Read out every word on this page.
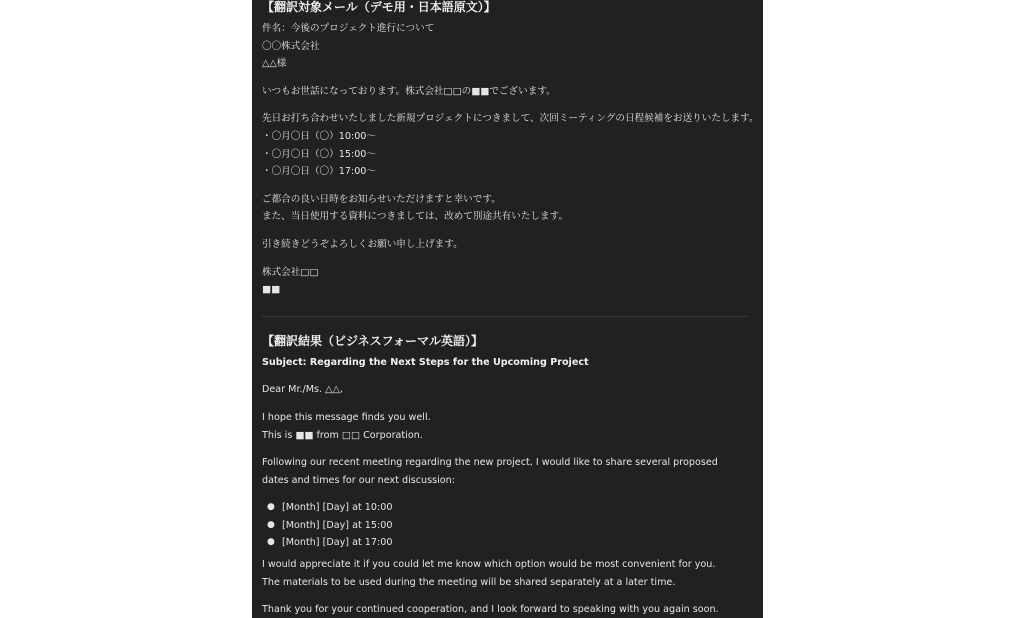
【翻訳対象メール（デモ用・日本語原文）】
件名：今後のプロジェクト進行について
〇〇株式会社
△△様
いつもお世話になっております。株式会社□□の■■でございます。
先日お打ち合わせいたしました新規プロジェクトにつきまして、次回ミーティングの日程候補をお送りいたします。
・〇月〇日（〇）10:00〜
・〇月〇日（〇）15:00〜
・〇月〇日（〇）17:00〜
ご都合の良い日時をお知らせいただけますと幸いです。
また、当日使用する資料につきましては、改めて別途共有いたします。
引き続きどうぞよろしくお願い申し上げます。
株式会社□□
■■
【翻訳結果（ビジネスフォーマル英語）】
Subject: Regarding the Next Steps for the Upcoming Project
Dear Mr./Ms. △△,
I hope this message finds you well.
This is ■■ from □□ Corporation.
Following our recent meeting regarding the new project, I would like to share several proposed dates and times for our next discussion:
● [Month] [Day] at 10:00
● [Month] [Day] at 15:00
● [Month] [Day] at 17:00
I would appreciate it if you could let me know which option would be most convenient for you.
The materials to be used during the meeting will be shared separately at a later time.
Thank you for your continued cooperation, and I look forward to speaking with you again soon.
